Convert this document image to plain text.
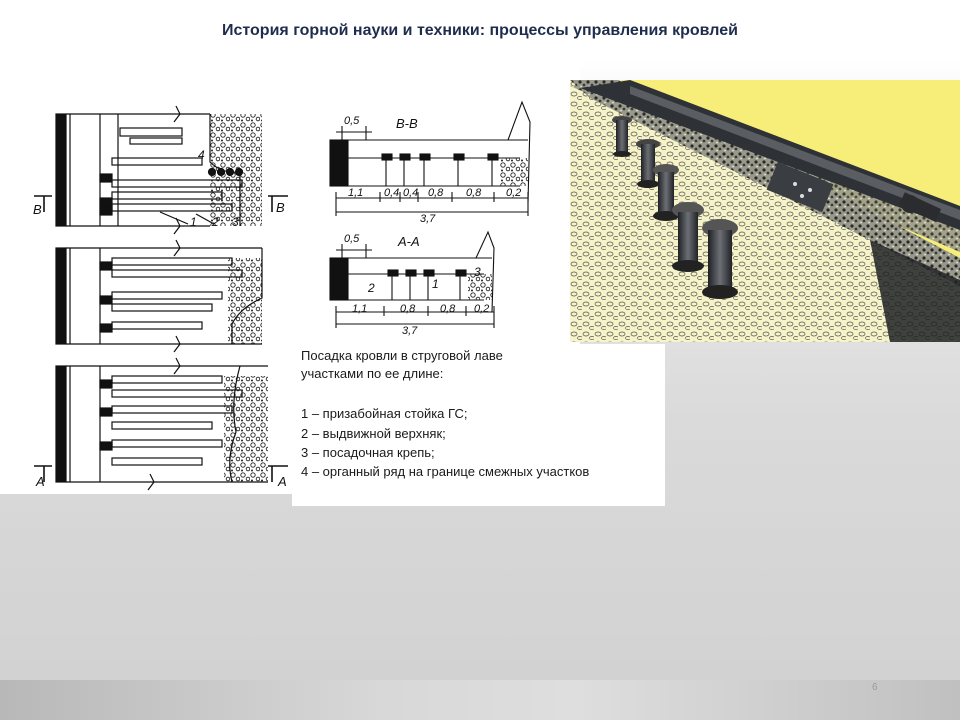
История горной науки и техники: процессы управления кровлей
В	В
4
1 2 3
А	А
В-В
0,5
1,1 0,4 0,4 0,8 0,8 0,2
3,7
А-А
0,5
2	1
3
1,1	0,8 0,8 0,2
3,7
Посадка кровли в струговой лаве
участками по ее длине:
1 – призабойная стойка ГС;
2 – выдвижной верхняк;
3 – посадочная крепь;
4 – органный ряд на границе смежных участков
6
